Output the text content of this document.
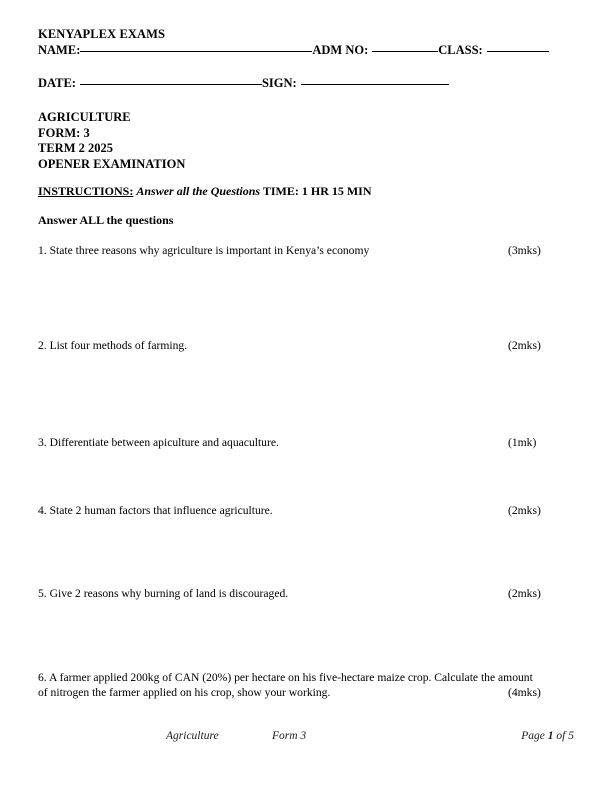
KENYAPLEX EXAMS
NAME:	ADM NO:	CLASS:
DATE:	SIGN:
AGRICULTURE
FORM: 3
TERM 2 2025
OPENER EXAMINATION
INSTRUCTIONS: Answer all the Questions TIME: 1 HR 15 MIN
Answer ALL the questions
1. State three reasons why agriculture is important in Kenya’s economy	(3mks)
2. List four methods of farming.	(2mks)
3. Differentiate between apiculture and aquaculture.	(1mk)
4. State 2 human factors that influence agriculture.	(2mks)
5. Give 2 reasons why burning of land is discouraged.	(2mks)
6. A farmer applied 200kg of CAN (20%) per hectare on his five-hectare maize crop. Calculate the amount of nitrogen the farmer applied on his crop, show your working.	(4mks)
Agriculture	Form 3	Page 1 of 5
